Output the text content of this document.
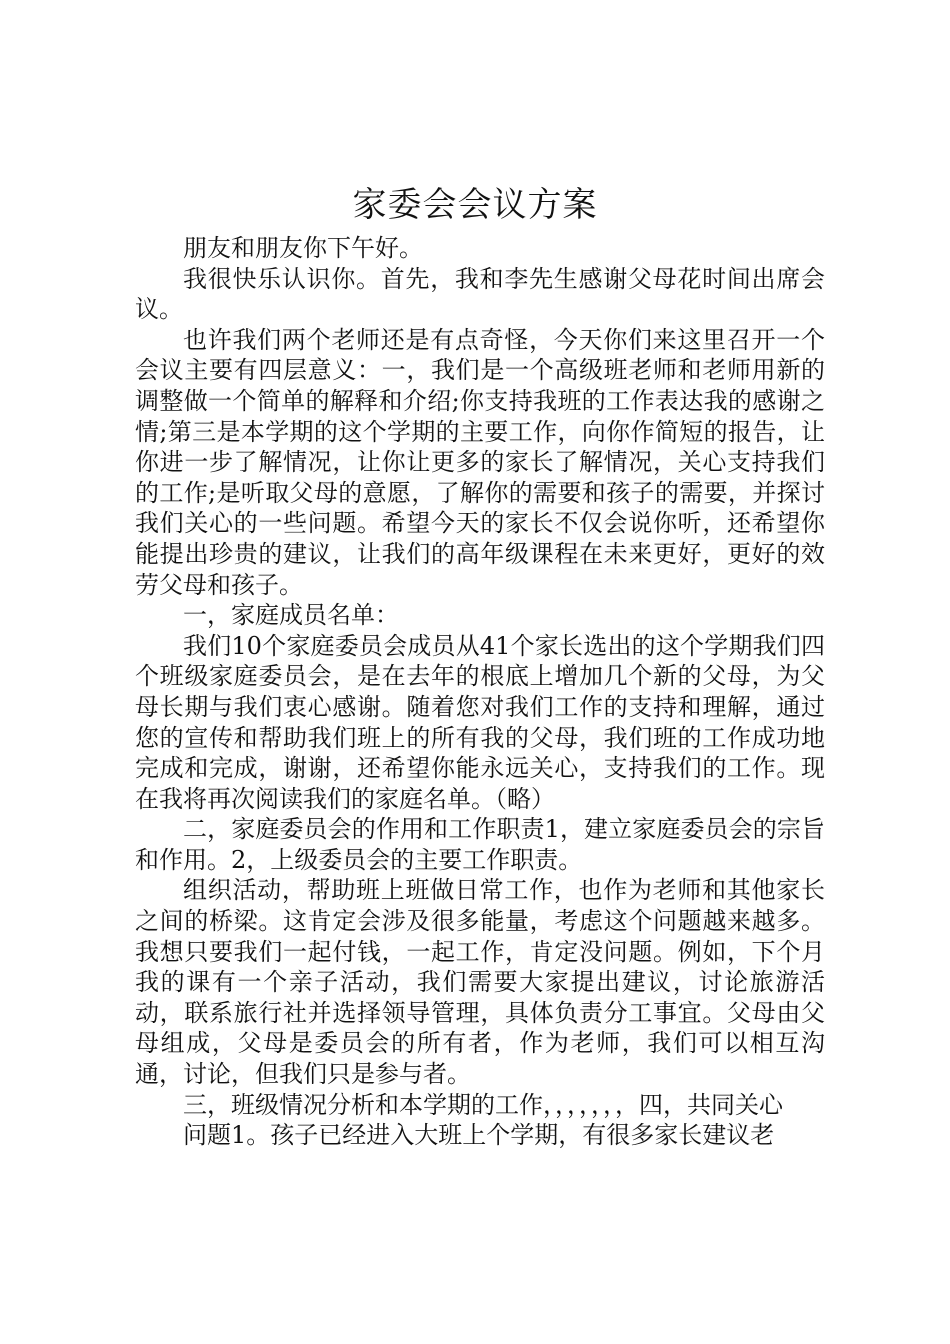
家委会会议方案

朋友和朋友你下午好。

我很快乐认识你。首先，我和李先生感谢父母花时间出席会议。

也许我们两个老师还是有点奇怪，今天你们来这里召开一个会议主要有四层意义：一，我们是一个高级班老师和老师用新的调整做一个简单的解释和介绍;你支持我班的工作表达我的感谢之情;第三是本学期的这个学期的主要工作，向你作简短的报告，让你进一步了解情况，让你让更多的家长了解情况，关心支持我们的工作;是听取父母的意愿，了解你的需要和孩子的需要，并探讨我们关心的一些问题。希望今天的家长不仅会说你听，还希望你能提出珍贵的建议，让我们的高年级课程在未来更好，更好的效劳父母和孩子。

一，家庭成员名单：

我们10个家庭委员会成员从41个家长选出的这个学期我们四个班级家庭委员会，是在去年的根底上增加几个新的父母，为父母长期与我们衷心感谢。随着您对我们工作的支持和理解，通过您的宣传和帮助我们班上的所有我的父母，我们班的工作成功地完成和完成，谢谢，还希望你能永远关心，支持我们的工作。现在我将再次阅读我们的家庭名单。（略）

二，家庭委员会的作用和工作职责1，建立家庭委员会的宗旨和作用。2，上级委员会的主要工作职责。

组织活动，帮助班上班做日常工作，也作为老师和其他家长之间的桥梁。这肯定会涉及很多能量，考虑这个问题越来越多。我想只要我们一起付钱，一起工作，肯定没问题。例如，下个月我的课有一个亲子活动，我们需要大家提出建议，讨论旅游活动，联系旅行社并选择领导管理，具体负责分工事宜。父母由父母组成，父母是委员会的所有者，作为老师，我们可以相互沟通，讨论，但我们只是参与者。

三，班级情况分析和本学期的工作，，，，，，，四，共同关心

问题1。孩子已经进入大班上个学期，有很多家长建议老
